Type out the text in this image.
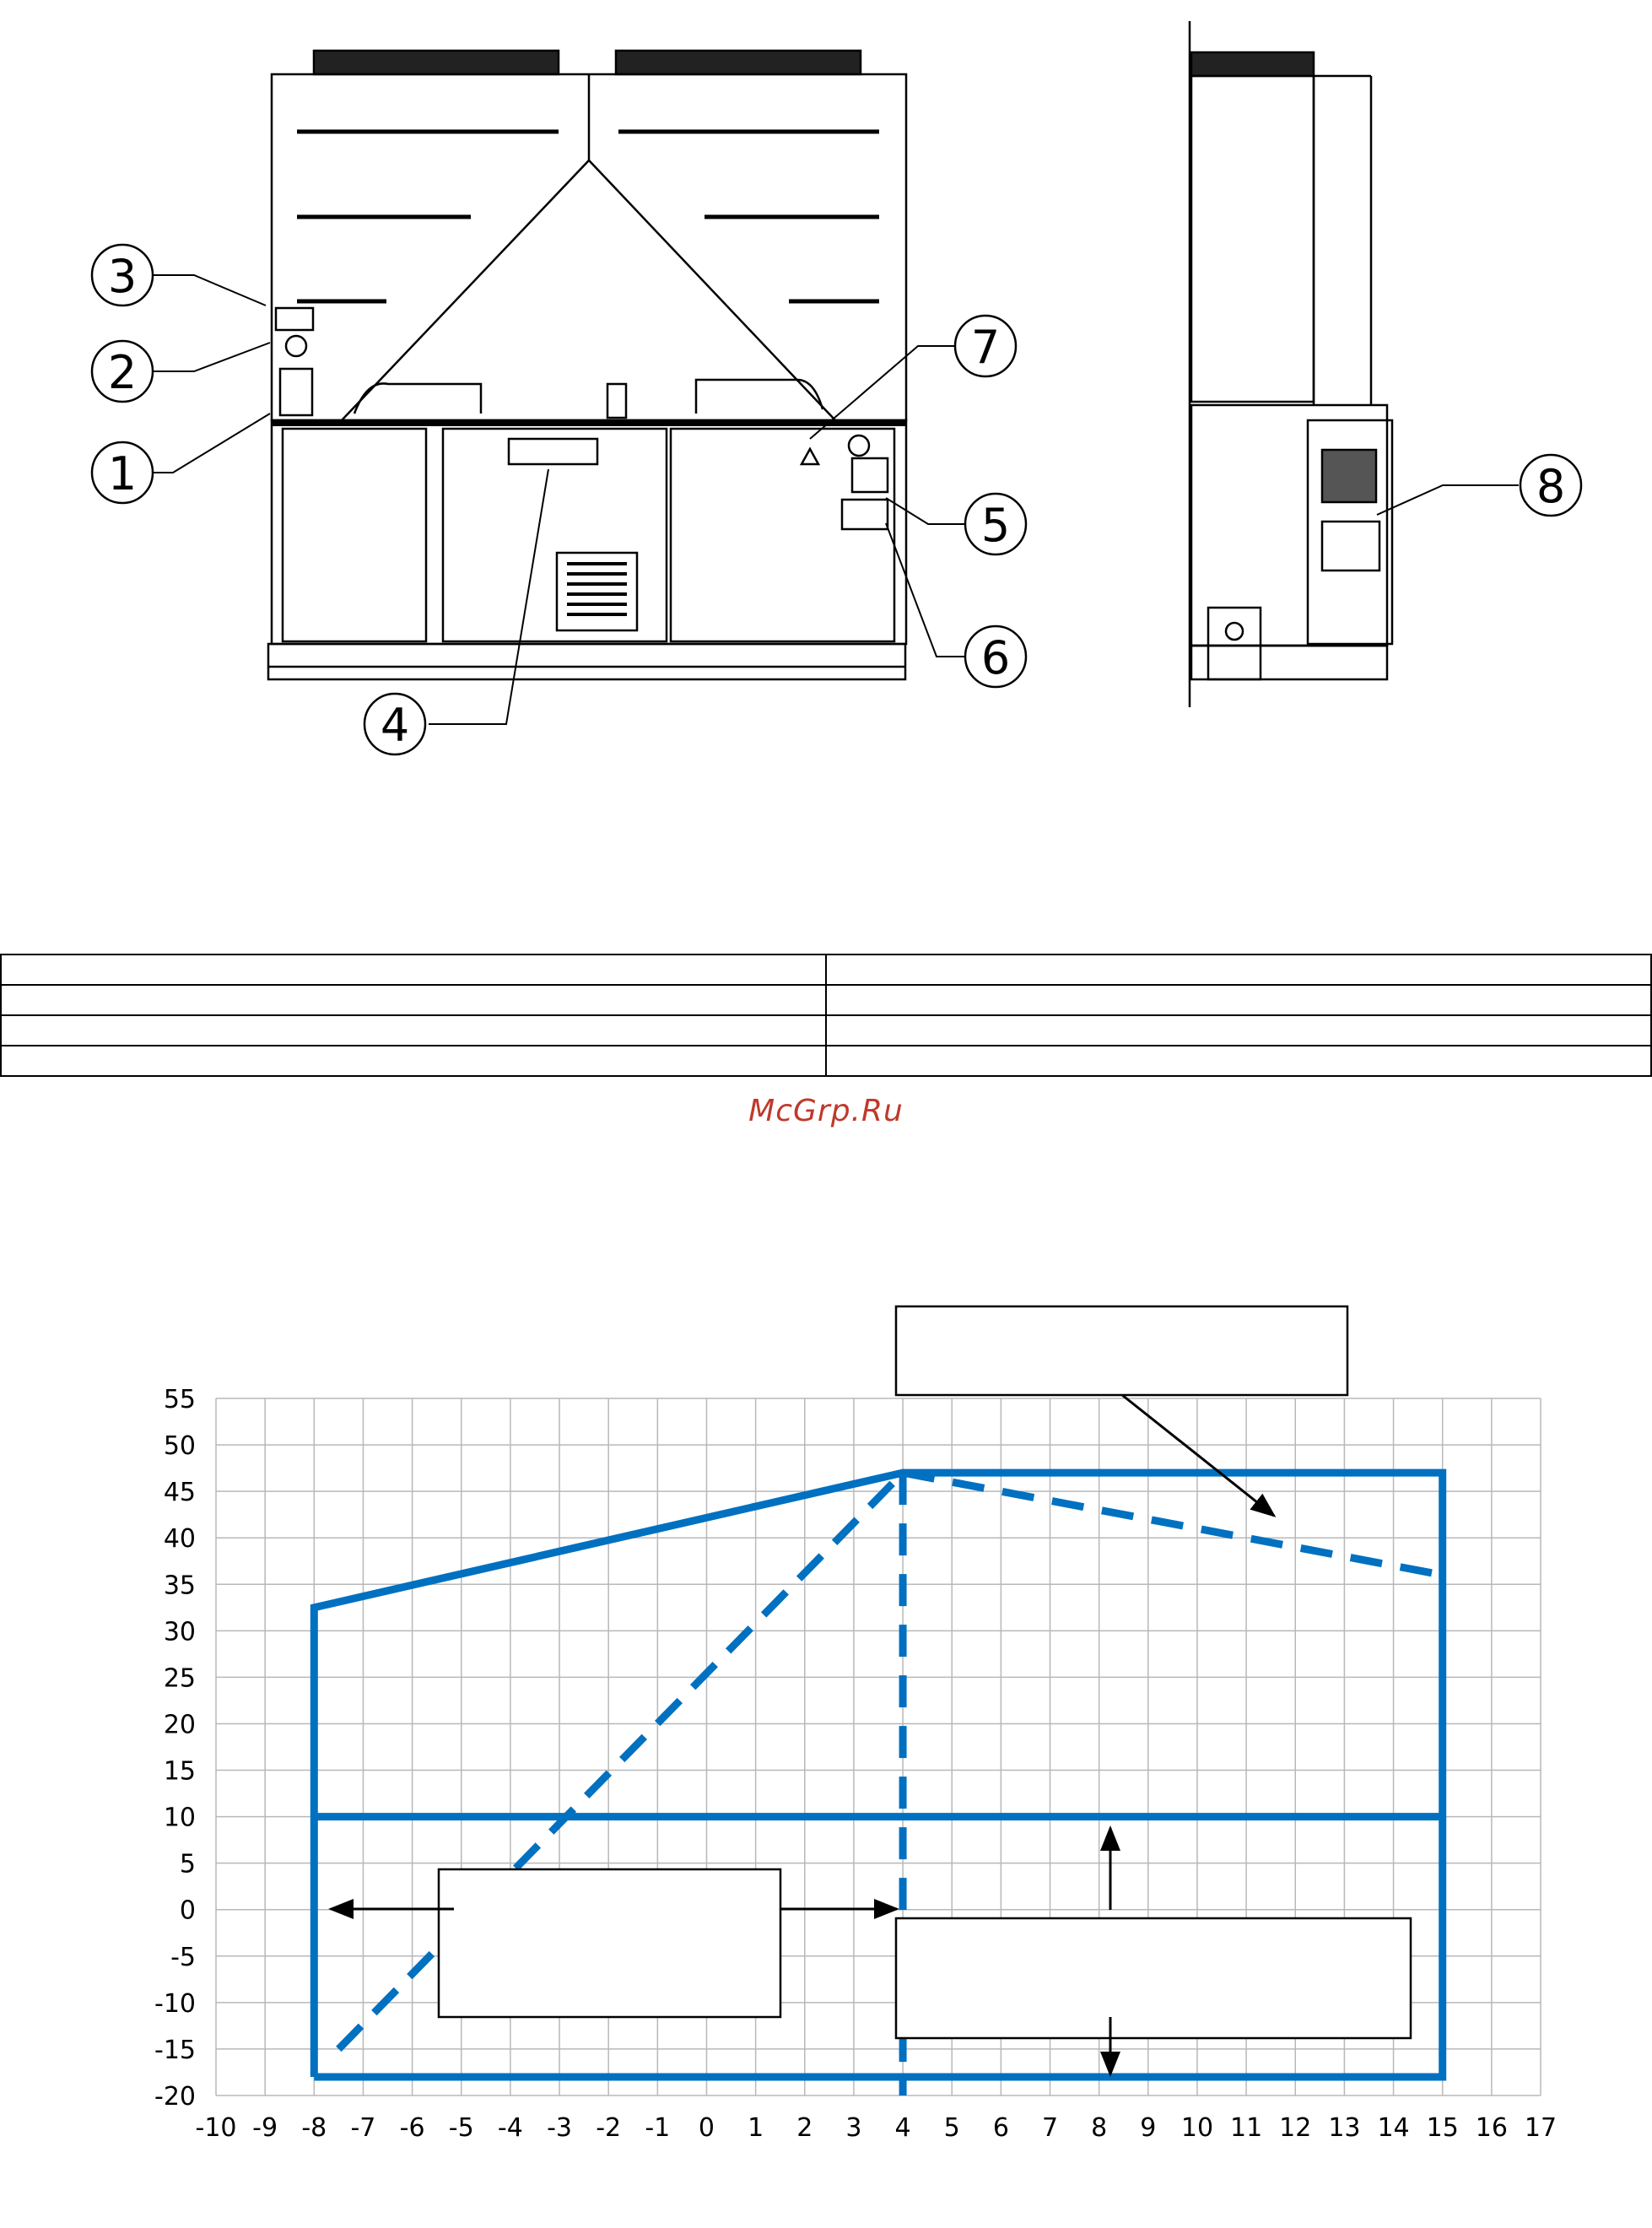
1
2
3
4
5
6
7
8

McGrp.Ru
-10 -9 -8 -7 -6 -5 -4 -3 -2 -1 0 1 2 3 4 5 6 7 8 9 10 11 12 13 14 15 16 17
55
50
45
40
35
30
25
20
15
10
5
0
-5
-10
-15
-20
